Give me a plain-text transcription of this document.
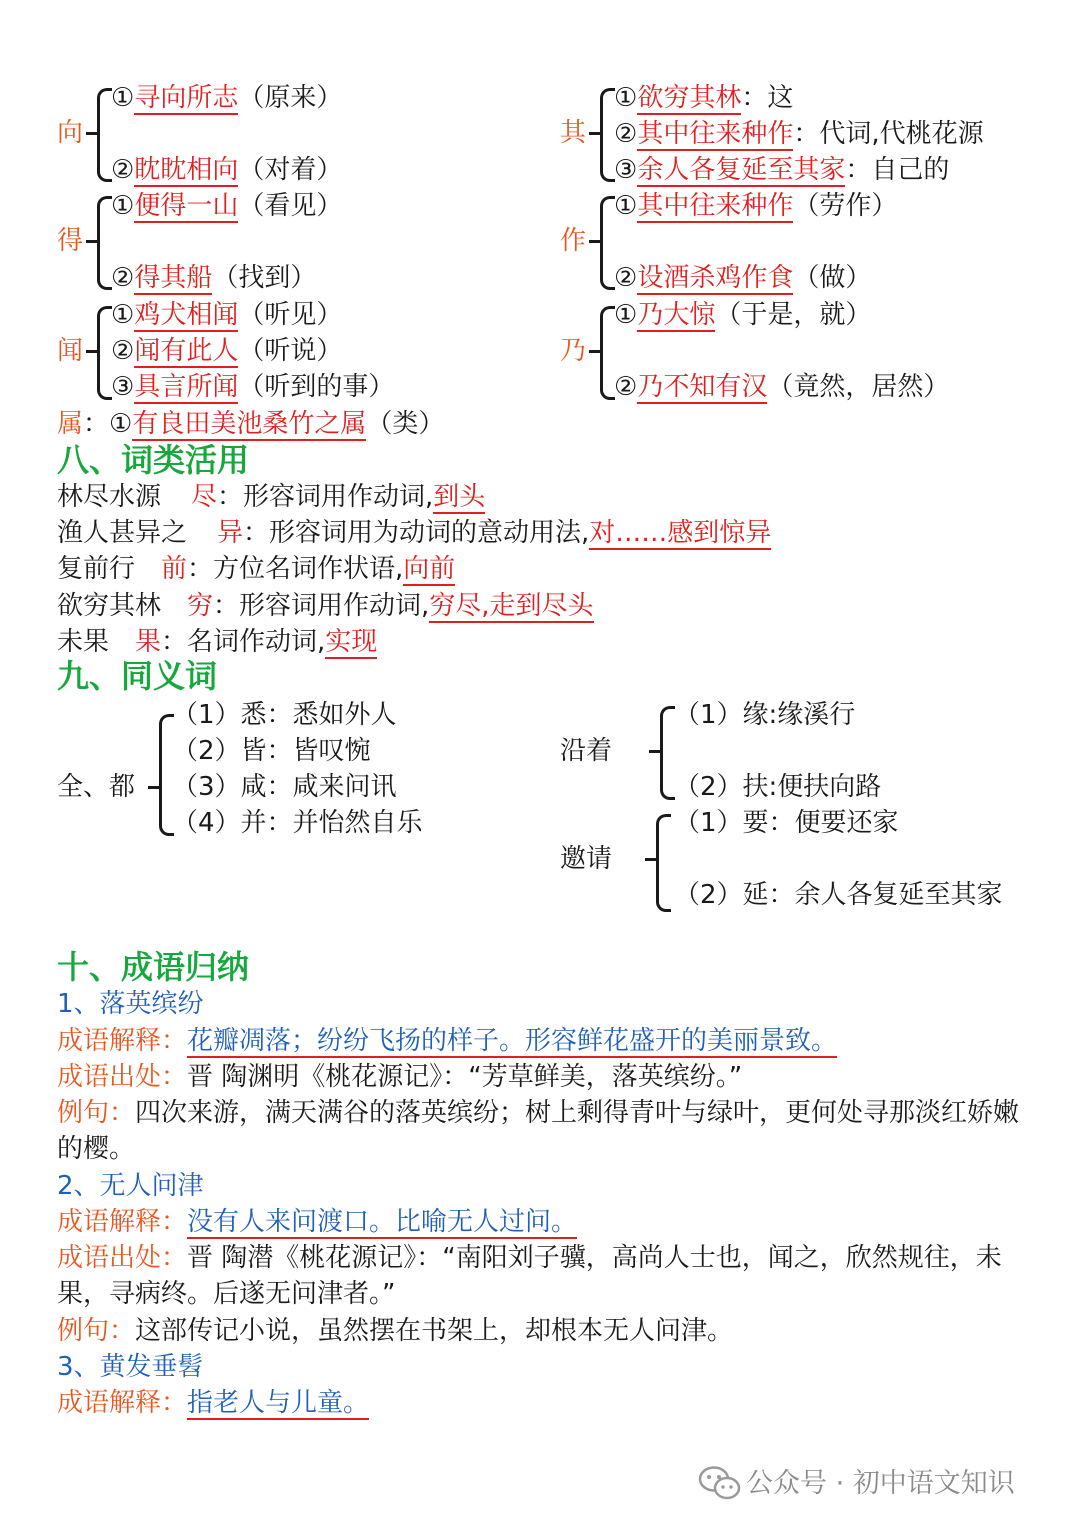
向
①寻向所志（原来）
②眈眈相向（对着）
得
①便得一山（看见）
②得其船（找到）
闻
①鸡犬相闻（听见）
②闻有此人（听说）
③具言所闻（听到的事）
属：①有良田美池桑竹之属（类）
其
①欲穷其林：这
②其中往来种作：代词,代桃花源
③余人各复延至其家：自己的
作
①其中往来种作（劳作）
②设酒杀鸡作食（做）
乃
①乃大惊（于是，就）
②乃不知有汉（竟然，居然）
八、词类活用
林尽水源 尽：形容词用作动词,到头
渔人甚异之 异：形容词用为动词的意动用法,对……感到惊异
复前行 前：方位名词作状语,向前
欲穷其林 穷：形容词用作动词,穷尽,走到尽头
未果 果：名词作动词,实现
九、同义词
全、都
（1）悉：悉如外人
（2）皆：皆叹惋
（3）咸：咸来问讯
（4）并：并怡然自乐
沿着
（1）缘:缘溪行
（2）扶:便扶向路
邀请
（1）要：便要还家
（2）延：余人各复延至其家
十、成语归纳
1、落英缤纷
成语解释：花瓣凋落；纷纷飞扬的样子。形容鲜花盛开的美丽景致。
成语出处：晋 陶渊明《桃花源记》：“芳草鲜美，落英缤纷。”
例句：四次来游，满天满谷的落英缤纷；树上剩得青叶与绿叶，更何处寻那淡红娇嫩的樱。
2、无人问津
成语解释：没有人来问渡口。比喻无人过问。
成语出处：晋 陶潜《桃花源记》：“南阳刘子骥，高尚人士也，闻之，欣然规往，未果，寻病终。后遂无问津者。”
例句：这部传记小说，虽然摆在书架上，却根本无人问津。
3、黄发垂髫
成语解释：指老人与儿童。
公众号 · 初中语文知识
